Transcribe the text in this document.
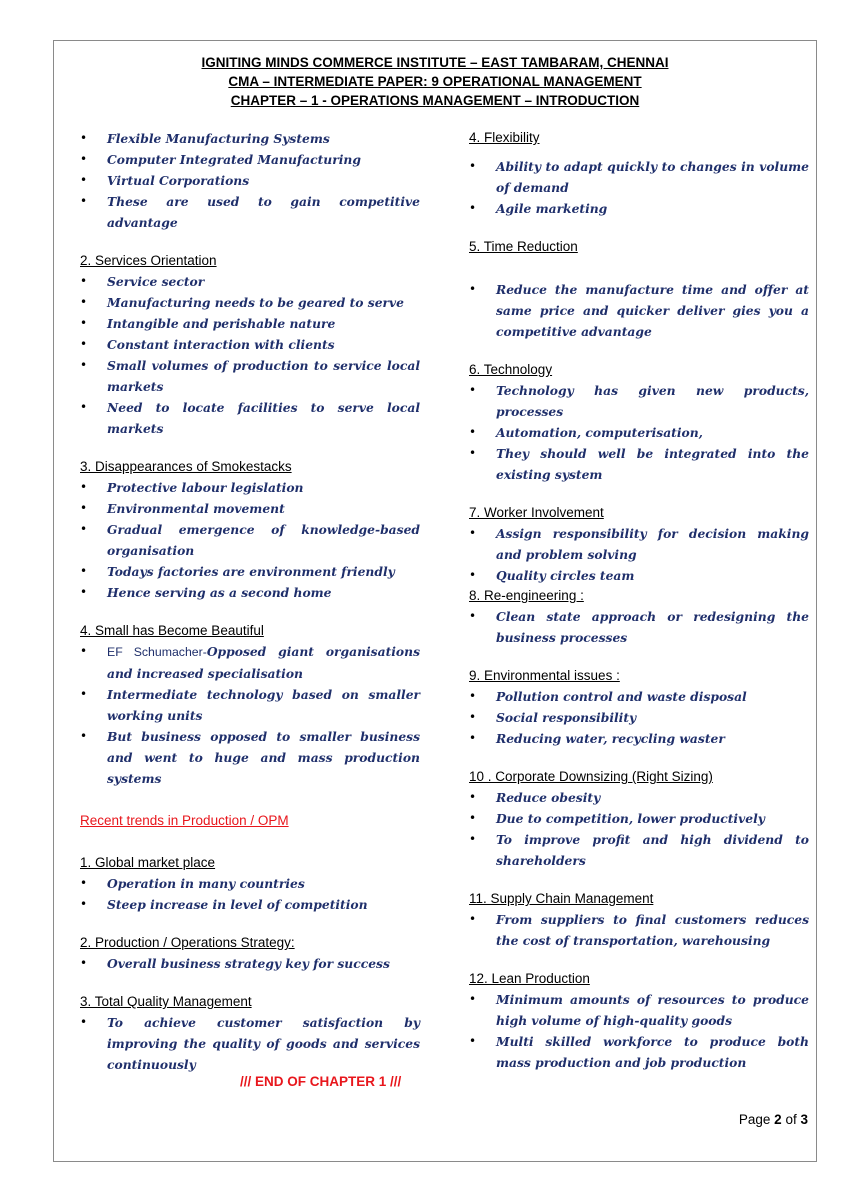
IGNITING MINDS COMMERCE INSTITUTE – EAST TAMBARAM, CHENNAI
CMA – INTERMEDIATE PAPER: 9 OPERATIONAL MANAGEMENT
CHAPTER – 1 - OPERATIONS MANAGEMENT – INTRODUCTION
• Flexible Manufacturing Systems
• Computer Integrated Manufacturing
• Virtual Corporations
• These are used to gain competitive advantage

2. Services Orientation

• Service sector
• Manufacturing needs to be geared to serve
• Intangible and perishable nature
• Constant interaction with clients
• Small volumes of production to service local markets
• Need to locate facilities to serve local markets

3. Disappearances of Smokestacks

• Protective labour legislation
• Environmental movement
• Gradual emergence of knowledge-based organisation
• Todays factories are environment friendly
• Hence serving as a second home

4. Small has Become Beautiful

• EF Schumacher-Opposed giant organisations and increased specialisation
• Intermediate technology based on smaller working units
• But business opposed to smaller business and went to huge and mass production systems

Recent trends in Production / OPM

1. Global market place

• Operation in many countries
• Steep increase in level of competition

2. Production / Operations Strategy:

• Overall business strategy key for success

3. Total Quality Management

• To achieve customer satisfaction by improving the quality of goods and services continuously

4. Flexibility

• Ability to adapt quickly to changes in volume of demand
• Agile marketing

5. Time Reduction

• Reduce the manufacture time and offer at same price and quicker deliver gies you a competitive advantage

6. Technology

• Technology has given new products, processes
• Automation, computerisation,
• They should well be integrated into the existing system

7. Worker Involvement

• Assign responsibility for decision making and problem solving
• Quality circles team

8. Re-engineering :

• Clean state approach or redesigning the business processes

9. Environmental issues :

• Pollution control and waste disposal
• Social responsibility
• Reducing water, recycling waster

10 . Corporate Downsizing (Right Sizing)

• Reduce obesity
• Due to competition, lower productively
• To improve profit and high dividend to shareholders

11. Supply Chain Management

• From suppliers to final customers reduces the cost of transportation, warehousing

12. Lean Production

• Minimum amounts of resources to produce high volume of high-quality goods
• Multi skilled workforce to produce both mass production and job production
/// END OF CHAPTER 1 ///
Page 2 of 3
